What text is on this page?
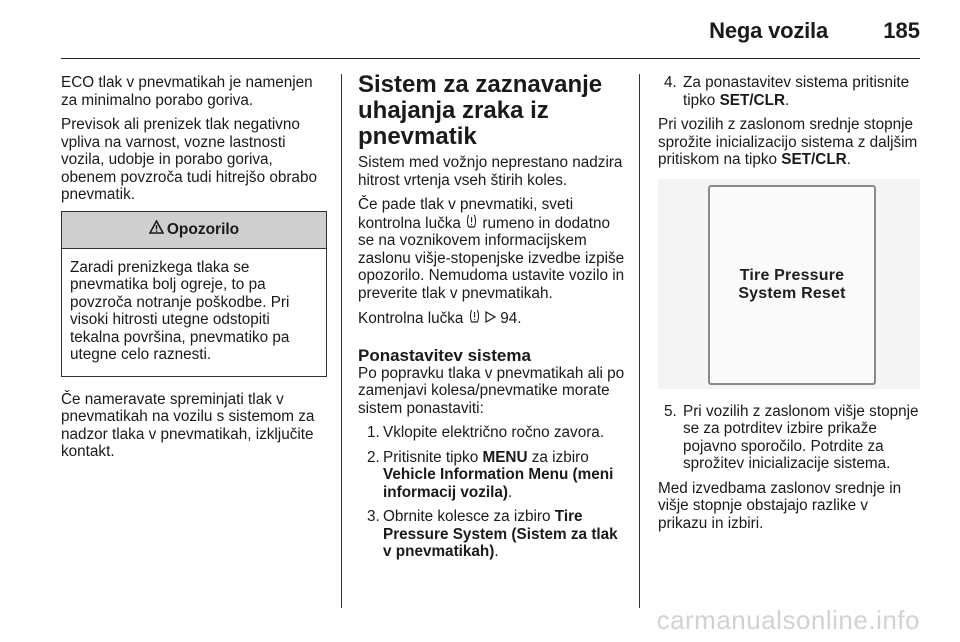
Nega vozila	185

ECO tlak v pnevmatikah je namenjen za minimalno porabo goriva.

Previsok ali prenizek tlak negativno vpliva na varnost, vozne lastnosti vozila, udobje in porabo goriva, obenem povzroča tudi hitrejšo obrabo pnevmatik.

Opozorilo
Zaradi prenizkega tlaka se pnevmatika bolj ogreje, to pa povzroča notranje poškodbe. Pri visoki hitrosti utegne odstopiti tekalna površina, pnevmatiko pa utegne celo raznesti.

Če nameravate spreminjati tlak v pnevmatikah na vozilu s sistemom za nadzor tlaka v pnevmatikah, izključite kontakt.

Sistem za zaznavanje uhajanja zraka iz pnevmatik

Sistem med vožnjo neprestano nadzira hitrost vrtenja vseh štirih koles.

Če pade tlak v pnevmatiki, sveti kontrolna lučka  rumeno in dodatno se na voznikovem informacijskem zaslonu višje-stopenjske izvedbe izpiše opozorilo. Nemudoma ustavite vozilo in preverite tlak v pnevmatikah.

Kontrolna lučka   94.

Ponastavitev sistema

Po popravku tlaka v pnevmatikah ali po zamenjavi kolesa/pnevmatike morate sistem ponastaviti:

1. Vklopite električno ročno zavora.
2. Pritisnite tipko MENU za izbiro Vehicle Information Menu (meni informacij vozila).
3. Obrnite kolesce za izbiro Tire Pressure System (Sistem za tlak v pnevmatikah).
4. Za ponastavitev sistema pritisnite tipko SET/CLR.

Pri vozilih z zaslonom srednje stopnje sprožite inicializacijo sistema z daljšim pritiskom na tipko SET/CLR.

Tire Pressure
System Reset
5. Pri vozilih z zaslonom višje stopnje se za potrditev izbire prikaže pojavno sporočilo. Potrdite za sprožitev inicializacije sistema.

Med izvedbama zaslonov srednje in višje stopnje obstajajo razlike v prikazu in izbiri.

carmanualsonline.info
